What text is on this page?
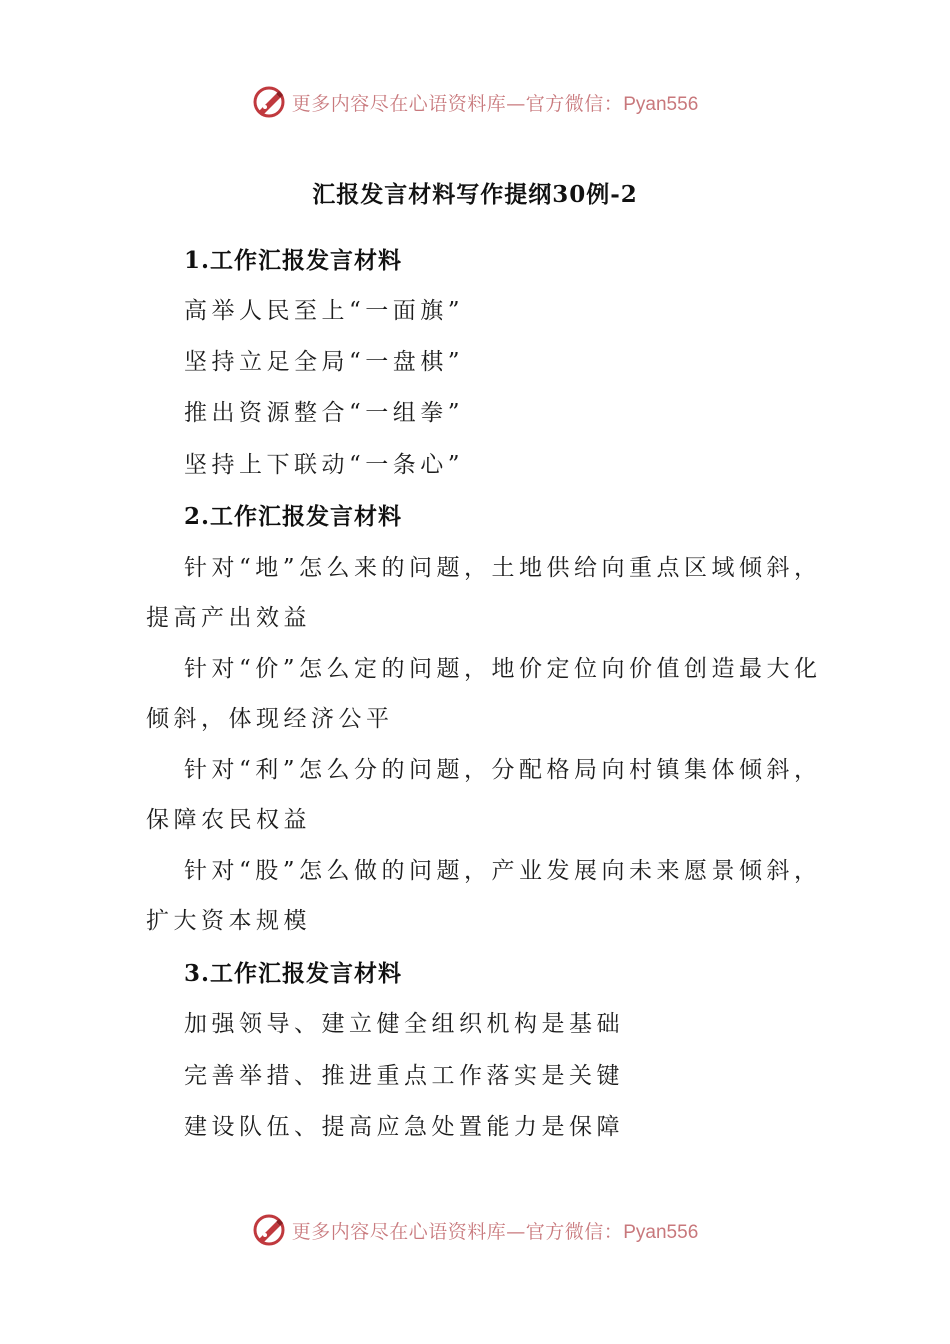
更多内容尽在心语资料库—官方微信：Pyan556
汇报发言材料写作提纲30例-2
1.工作汇报发言材料
高举人民至上“一面旗”
坚持立足全局“一盘棋”
推出资源整合“一组拳”
坚持上下联动“一条心”
2.工作汇报发言材料
针对“地”怎么来的问题，土地供给向重点区域倾斜，
提高产出效益
针对“价”怎么定的问题，地价定位向价值创造最大化
倾斜，体现经济公平
针对“利”怎么分的问题，分配格局向村镇集体倾斜，
保障农民权益
针对“股”怎么做的问题，产业发展向未来愿景倾斜，
扩大资本规模
3.工作汇报发言材料
加强领导、建立健全组织机构是基础
完善举措、推进重点工作落实是关键
建设队伍、提高应急处置能力是保障
更多内容尽在心语资料库—官方微信：Pyan556
